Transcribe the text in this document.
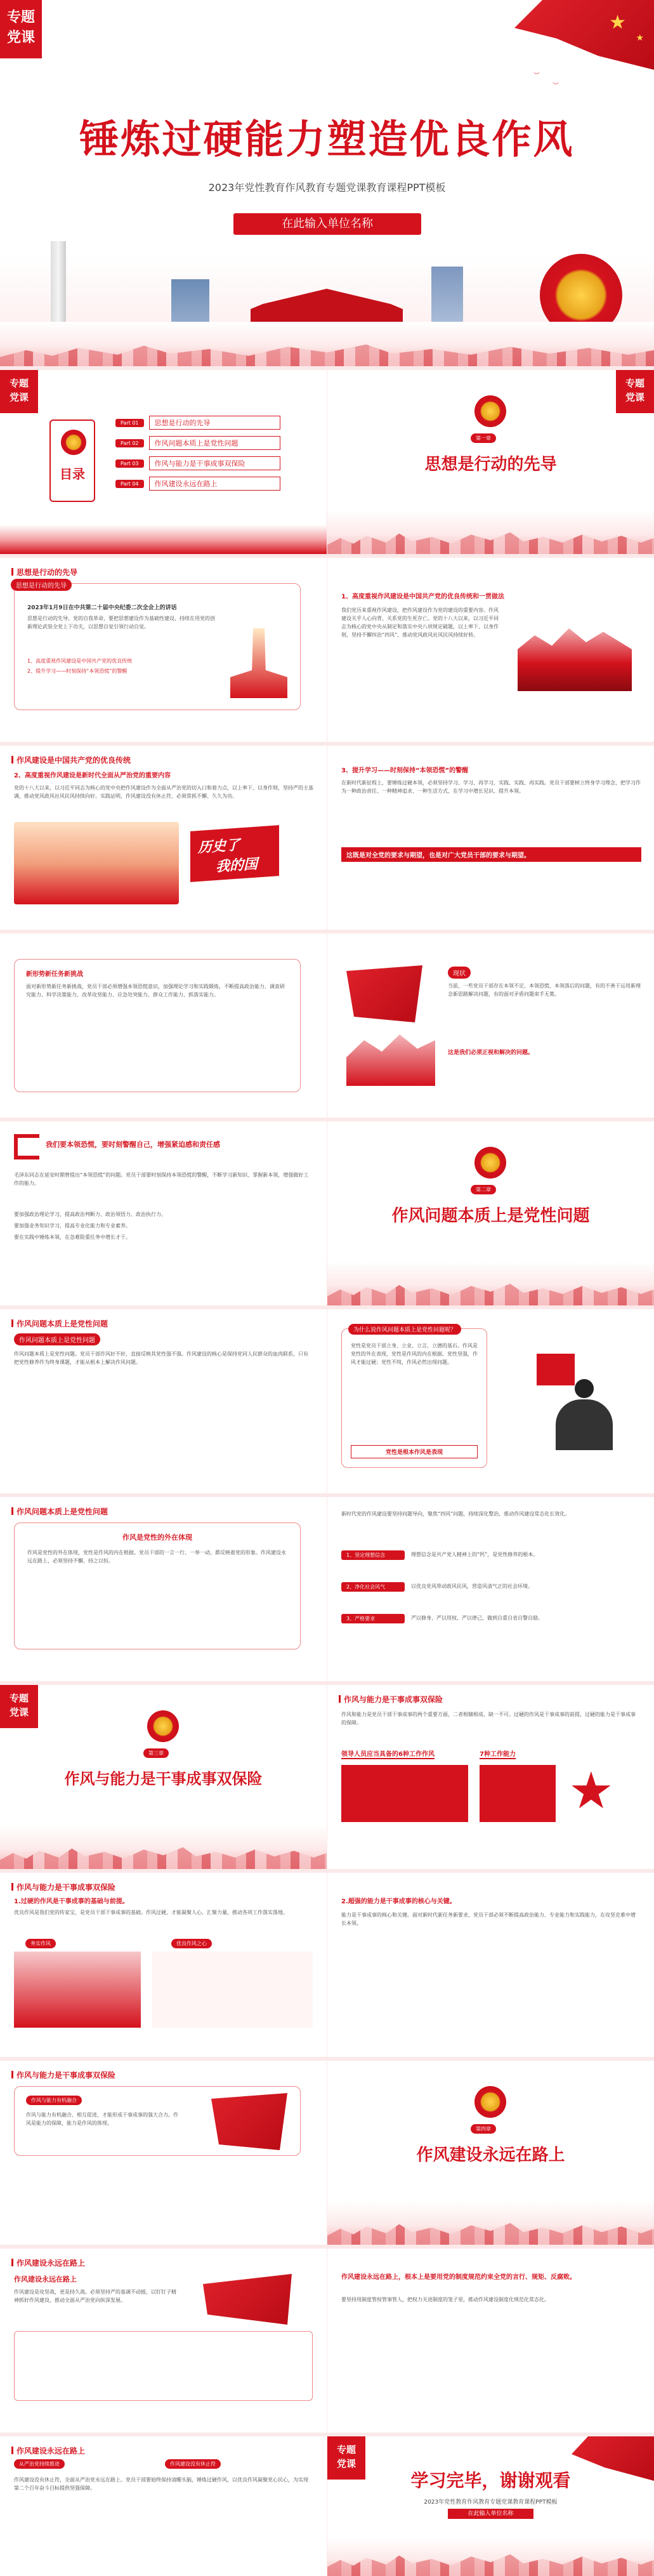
专题
党课
★
★
︶
︶
锤炼过硬能力塑造优良作风
2023年党性教育作风教育专题党课教育课程PPT模板
在此输入单位名称
专题
党课
目录
Part 01	思想是行动的先导
Part 02	作风问题本质上是党性问题
Part 03	作风与能力是干事成事双保险
Part 04	作风建设永远在路上
专题
党课
第一章
思想是行动的先导
思想是行动的先导
思想是行动的先导
2023年1月9日在中共第二十届中央纪委二次全会上的讲话
思想是行动的先导。党的自我革命，要把思想建设作为基础性建设，持续在用党的创新理论武装全党上下功夫，以思想自觉引领行动自觉。
1、高度重视作风建设是中国共产党的优良传统
2、提升学习——时刻保持“本领恐慌”的警醒
1、高度重视作风建设是中国共产党的优良传统和一贯做法
我们党历来重视作风建设，把作风建设作为党的建设的重要内容。作风建设关乎人心向背，关系党的生死存亡。党的十八大以来，以习近平同志为核心的党中央从制定和落实中央八项规定破题，以上率下、以身作则，坚持不懈纠治“四风”，推动党风政风社风民风持续好转。
作风建设是中国共产党的优良传统
2、高度重视作风建设是新时代全面从严治党的重要内容
党的十八大以来，以习近平同志为核心的党中央把作风建设作为全面从严治党的切入口和着力点，以上率下、以身作则，坚持严的主基调，推动党风政风社风民风持续向好。实践证明，作风建设没有休止符，必须常抓不懈、久久为功。
历史了
我的国
3、提升学习——时刻保持“本领恐慌”的警醒
在新时代新征程上，要锤炼过硬本领，必须坚持学习、学习、再学习，实践、实践、再实践。党员干部要树立终身学习理念，把学习作为一种政治责任、一种精神追求、一种生活方式，在学习中增长见识、提升本领。
这既是对全党的要求与期望，也是对广大党员干部的要求与期望。
新形势新任务新挑战
面对新形势新任务新挑战，党员干部必须增强本领恐慌意识，加强理论学习和实践锻炼，不断提高政治能力、调查研究能力、科学决策能力、改革攻坚能力、应急处突能力、群众工作能力、抓落实能力。
现状
当前，一些党员干部存在本领不足、本领恐慌、本领落后的问题，有的不善于运用新理念新思路解决问题，有的面对矛盾问题束手无策。
这是我们必须正视和解决的问题。
我们要本领恐慌，要时刻警醒自己，增强紧迫感和责任感
毛泽东同志在延安时期曾提出“本领恐慌”的问题。党员干部要时刻保持本领恐慌的警醒，不断学习新知识、掌握新本领，增强做好工作的能力。
要加强政治理论学习，提高政治判断力、政治领悟力、政治执行力。
要加强业务知识学习，提高专业化能力和专业素养。
要在实践中锤炼本领，在急难险重任务中增长才干。
第二章
作风问题本质上是党性问题
作风问题本质上是党性问题
作风问题本质上是党性问题
作风问题本质上是党性问题。党员干部作风好不好，直接反映其党性强不强。作风建设的核心是保持党同人民群众的血肉联系，只有把党性修养作为终身课题，才能从根本上解决作风问题。
为什么说作风问题本质上是党性问题呢？
党性是党员干部立身、立业、立言、立德的基石。作风是党性的外在表现，党性是作风的内在根据。党性坚强，作风才能过硬；党性不纯，作风必然出现问题。
党性是根本作风是表现
作风问题本质上是党性问题
作风是党性的外在体现
作风是党性的外在体现，党性是作风的内在根据。党员干部的一言一行、一举一动，都反映着党的形象。作风建设永远在路上，必须坚持不懈、持之以恒。
新时代党的作风建设要坚持问题导向，聚焦“四风”问题，持续深化整治，推动作风建设常态化长效化。
1、坚定理想信念	理想信念是共产党人精神上的“钙”，是党性修养的根本。
2、净化社会风气	以优良党风带动政风民风，营造风清气正的社会环境。
3、严格要求	严以修身、严以用权、严以律己，做到自重自省自警自励。
专题
党课
第三章
作风与能力是干事成事双保险
作风与能力是干事成事双保险
作风和能力是党员干部干事成事的两个重要方面，二者相辅相成、缺一不可。过硬的作风是干事成事的前提，过硬的能力是干事成事的保障。
领导人员应当具备的6种工作作风	7种工作能力
★
作风与能力是干事成事双保险
1.过硬的作风是干事成事的基础与前提。
优良作风是我们党的传家宝，是党员干部干事成事的基础。作风过硬，才能凝聚人心、汇聚力量，推动各项工作落实落地。
务实作风	优良作风之心
2.超强的能力是干事成事的核心与关键。
能力是干事成事的核心和关键。面对新时代新任务新要求，党员干部必须不断提高政治能力、专业能力和实践能力，在攻坚克难中增长本领。
作风与能力是干事成事双保险
作风与能力有机融合
作风与能力有机融合、相互促进，才能形成干事成事的强大合力。作风是能力的保障，能力是作风的体现。
第四章
作风建设永远在路上
作风建设永远在路上
作风建设永远在路上
作风建设是攻坚战，更是持久战。必须坚持严的基调不动摇，以钉钉子精神抓好作风建设，推动全面从严治党向纵深发展。
作风建设永远在路上，根本上是要用党的制度规范约束全党的言行、规矩、反腐败。
要坚持用制度管权管事管人，把权力关进制度的笼子里，推动作风建设制度化规范化常态化。
作风建设永远在路上
从严治党持续推进	作风建设没有休止符
作风建设没有休止符，全面从严治党永远在路上。党员干部要始终保持清醒头脑，锤炼过硬作风，以优良作风凝聚党心民心，为实现第二个百年奋斗目标提供坚强保障。
专题
党课
学习完毕，谢谢观看
2023年党性教育作风教育专题党课教育课程PPT模板
在此输入单位名称
